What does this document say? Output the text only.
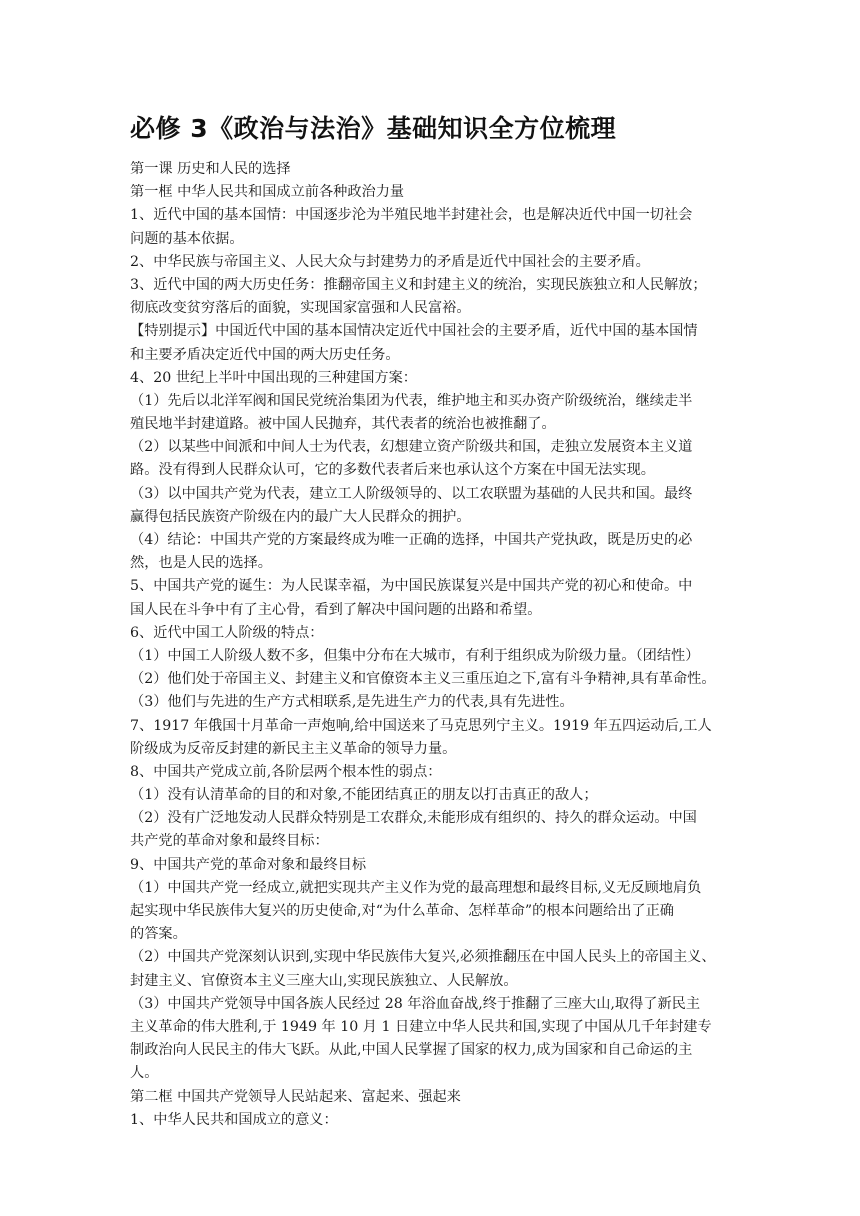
必修 3《政治与法治》基础知识全方位梳理
第一课 历史和人民的选择
第一框 中华人民共和国成立前各种政治力量
1、近代中国的基本国情：中国逐步沦为半殖民地半封建社会，也是解决近代中国一切社会
问题的基本依据。
2、中华民族与帝国主义、人民大众与封建势力的矛盾是近代中国社会的主要矛盾。
3、近代中国的两大历史任务：推翻帝国主义和封建主义的统治，实现民族独立和人民解放；
彻底改变贫穷落后的面貌，实现国家富强和人民富裕。
【特别提示】中国近代中国的基本国情决定近代中国社会的主要矛盾，近代中国的基本国情
和主要矛盾决定近代中国的两大历史任务。
4、20 世纪上半叶中国出现的三种建国方案：
（1）先后以北洋军阀和国民党统治集团为代表，维护地主和买办资产阶级统治，继续走半
殖民地半封建道路。被中国人民抛弃，其代表者的统治也被推翻了。
（2）以某些中间派和中间人士为代表，幻想建立资产阶级共和国，走独立发展资本主义道
路。没有得到人民群众认可，它的多数代表者后来也承认这个方案在中国无法实现。
（3）以中国共产党为代表，建立工人阶级领导的、以工农联盟为基础的人民共和国。最终
赢得包括民族资产阶级在内的最广大人民群众的拥护。
（4）结论：中国共产党的方案最终成为唯一正确的选择，中国共产党执政，既是历史的必
然，也是人民的选择。
5、中国共产党的诞生：为人民谋幸福，为中国民族谋复兴是中国共产党的初心和使命。中
国人民在斗争中有了主心骨，看到了解决中国问题的出路和希望。
6、近代中国工人阶级的特点：
（1）中国工人阶级人数不多，但集中分布在大城市，有利于组织成为阶级力量。（团结性）
（2）他们处于帝国主义、封建主义和官僚资本主义三重压迫之下,富有斗争精神,具有革命性。
（3）他们与先进的生产方式相联系,是先进生产力的代表,具有先进性。
7、1917 年俄国十月革命一声炮响,给中国送来了马克思列宁主义。1919 年五四运动后,工人
阶级成为反帝反封建的新民主主义革命的领导力量。
8、中国共产党成立前,各阶层两个根本性的弱点：
（1）没有认清革命的目的和对象,不能团结真正的朋友以打击真正的敌人；
（2）没有广泛地发动人民群众特别是工农群众,未能形成有组织的、持久的群众运动。中国
共产党的革命对象和最终目标：
9、中国共产党的革命对象和最终目标
（1）中国共产党一经成立,就把实现共产主义作为党的最高理想和最终目标,义无反顾地肩负
起实现中华民族伟大复兴的历史使命,对“为什么革命、怎样革命”的根本问题给出了正确
的答案。
（2）中国共产党深刻认识到,实现中华民族伟大复兴,必须推翻压在中国人民头上的帝国主义、
封建主义、官僚资本主义三座大山,实现民族独立、人民解放。
（3）中国共产党领导中国各族人民经过 28 年浴血奋战,终于推翻了三座大山,取得了新民主
主义革命的伟大胜利,于 1949 年 10 月 1 日建立中华人民共和国,实现了中国从几千年封建专
制政治向人民民主的伟大飞跃。从此,中国人民掌握了国家的权力,成为国家和自己命运的主
人。
第二框 中国共产党领导人民站起来、富起来、强起来
1、中华人民共和国成立的意义：
